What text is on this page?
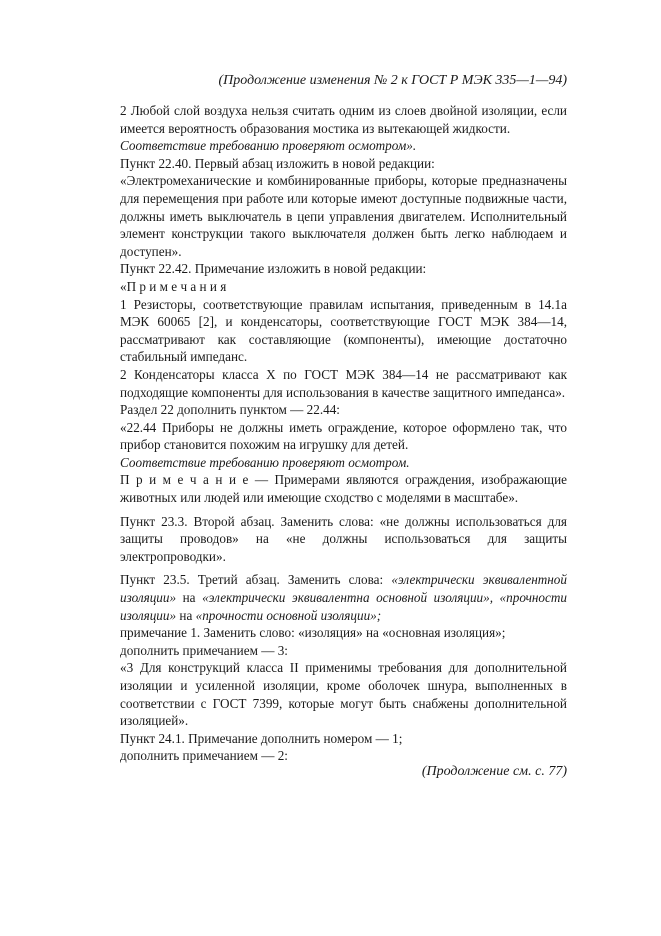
(Продолжение изменения № 2 к ГОСТ Р МЭК 335—1—94)

2 Любой слой воздуха нельзя считать одним из слоев двойной изоляции, если имеется вероятность образования мостика из вытекающей жидкости.

Соответствие требованию проверяют осмотром».

Пункт 22.40. Первый абзац изложить в новой редакции:

«Электромеханические и комбинированные приборы, которые предназначены для перемещения при работе или которые имеют доступные подвижные части, должны иметь выключатель в цепи управления двигателем. Исполнительный элемент конструкции такого выключателя должен быть легко наблюдаем и доступен».

Пункт 22.42. Примечание изложить в новой редакции:

«П р и м е ч а н и я

1 Резисторы, соответствующие правилам испытания, приведенным в 14.1a МЭК 60065 [2], и конденсаторы, соответствующие ГОСТ МЭК 384—14, рассматривают как составляющие (компоненты), имеющие достаточно стабильный импеданс.

2 Конденсаторы класса X по ГОСТ МЭК 384—14 не рассматривают как подходящие компоненты для использования в качестве защитного импеданса».

Раздел 22 дополнить пунктом — 22.44:

«22.44 Приборы не должны иметь ограждение, которое оформлено так, что прибор становится похожим на игрушку для детей.

Соответствие требованию проверяют осмотром.

П р и м е ч а н и е — Примерами являются ограждения, изображающие животных или людей или имеющие сходство с моделями в масштабе».

Пункт 23.3. Второй абзац. Заменить слова: «не должны использоваться для защиты проводов» на «не должны использоваться для защиты электропроводки».

Пункт 23.5. Третий абзац. Заменить слова: «электрически эквивалентной изоляции» на «электрически эквивалентна основной изоляции», «прочности изоляции» на «прочности основной изоляции»;

примечание 1. Заменить слово: «изоляция» на «основная изоляция»;

дополнить примечанием — 3:

«3 Для конструкций класса II применимы требования для дополнительной изоляции и усиленной изоляции, кроме оболочек шнура, выполненных в соответствии с ГОСТ 7399, которые могут быть снабжены дополнительной изоляцией».

Пункт 24.1. Примечание дополнить номером — 1;

дополнить примечанием — 2:

(Продолжение см. с. 77)
